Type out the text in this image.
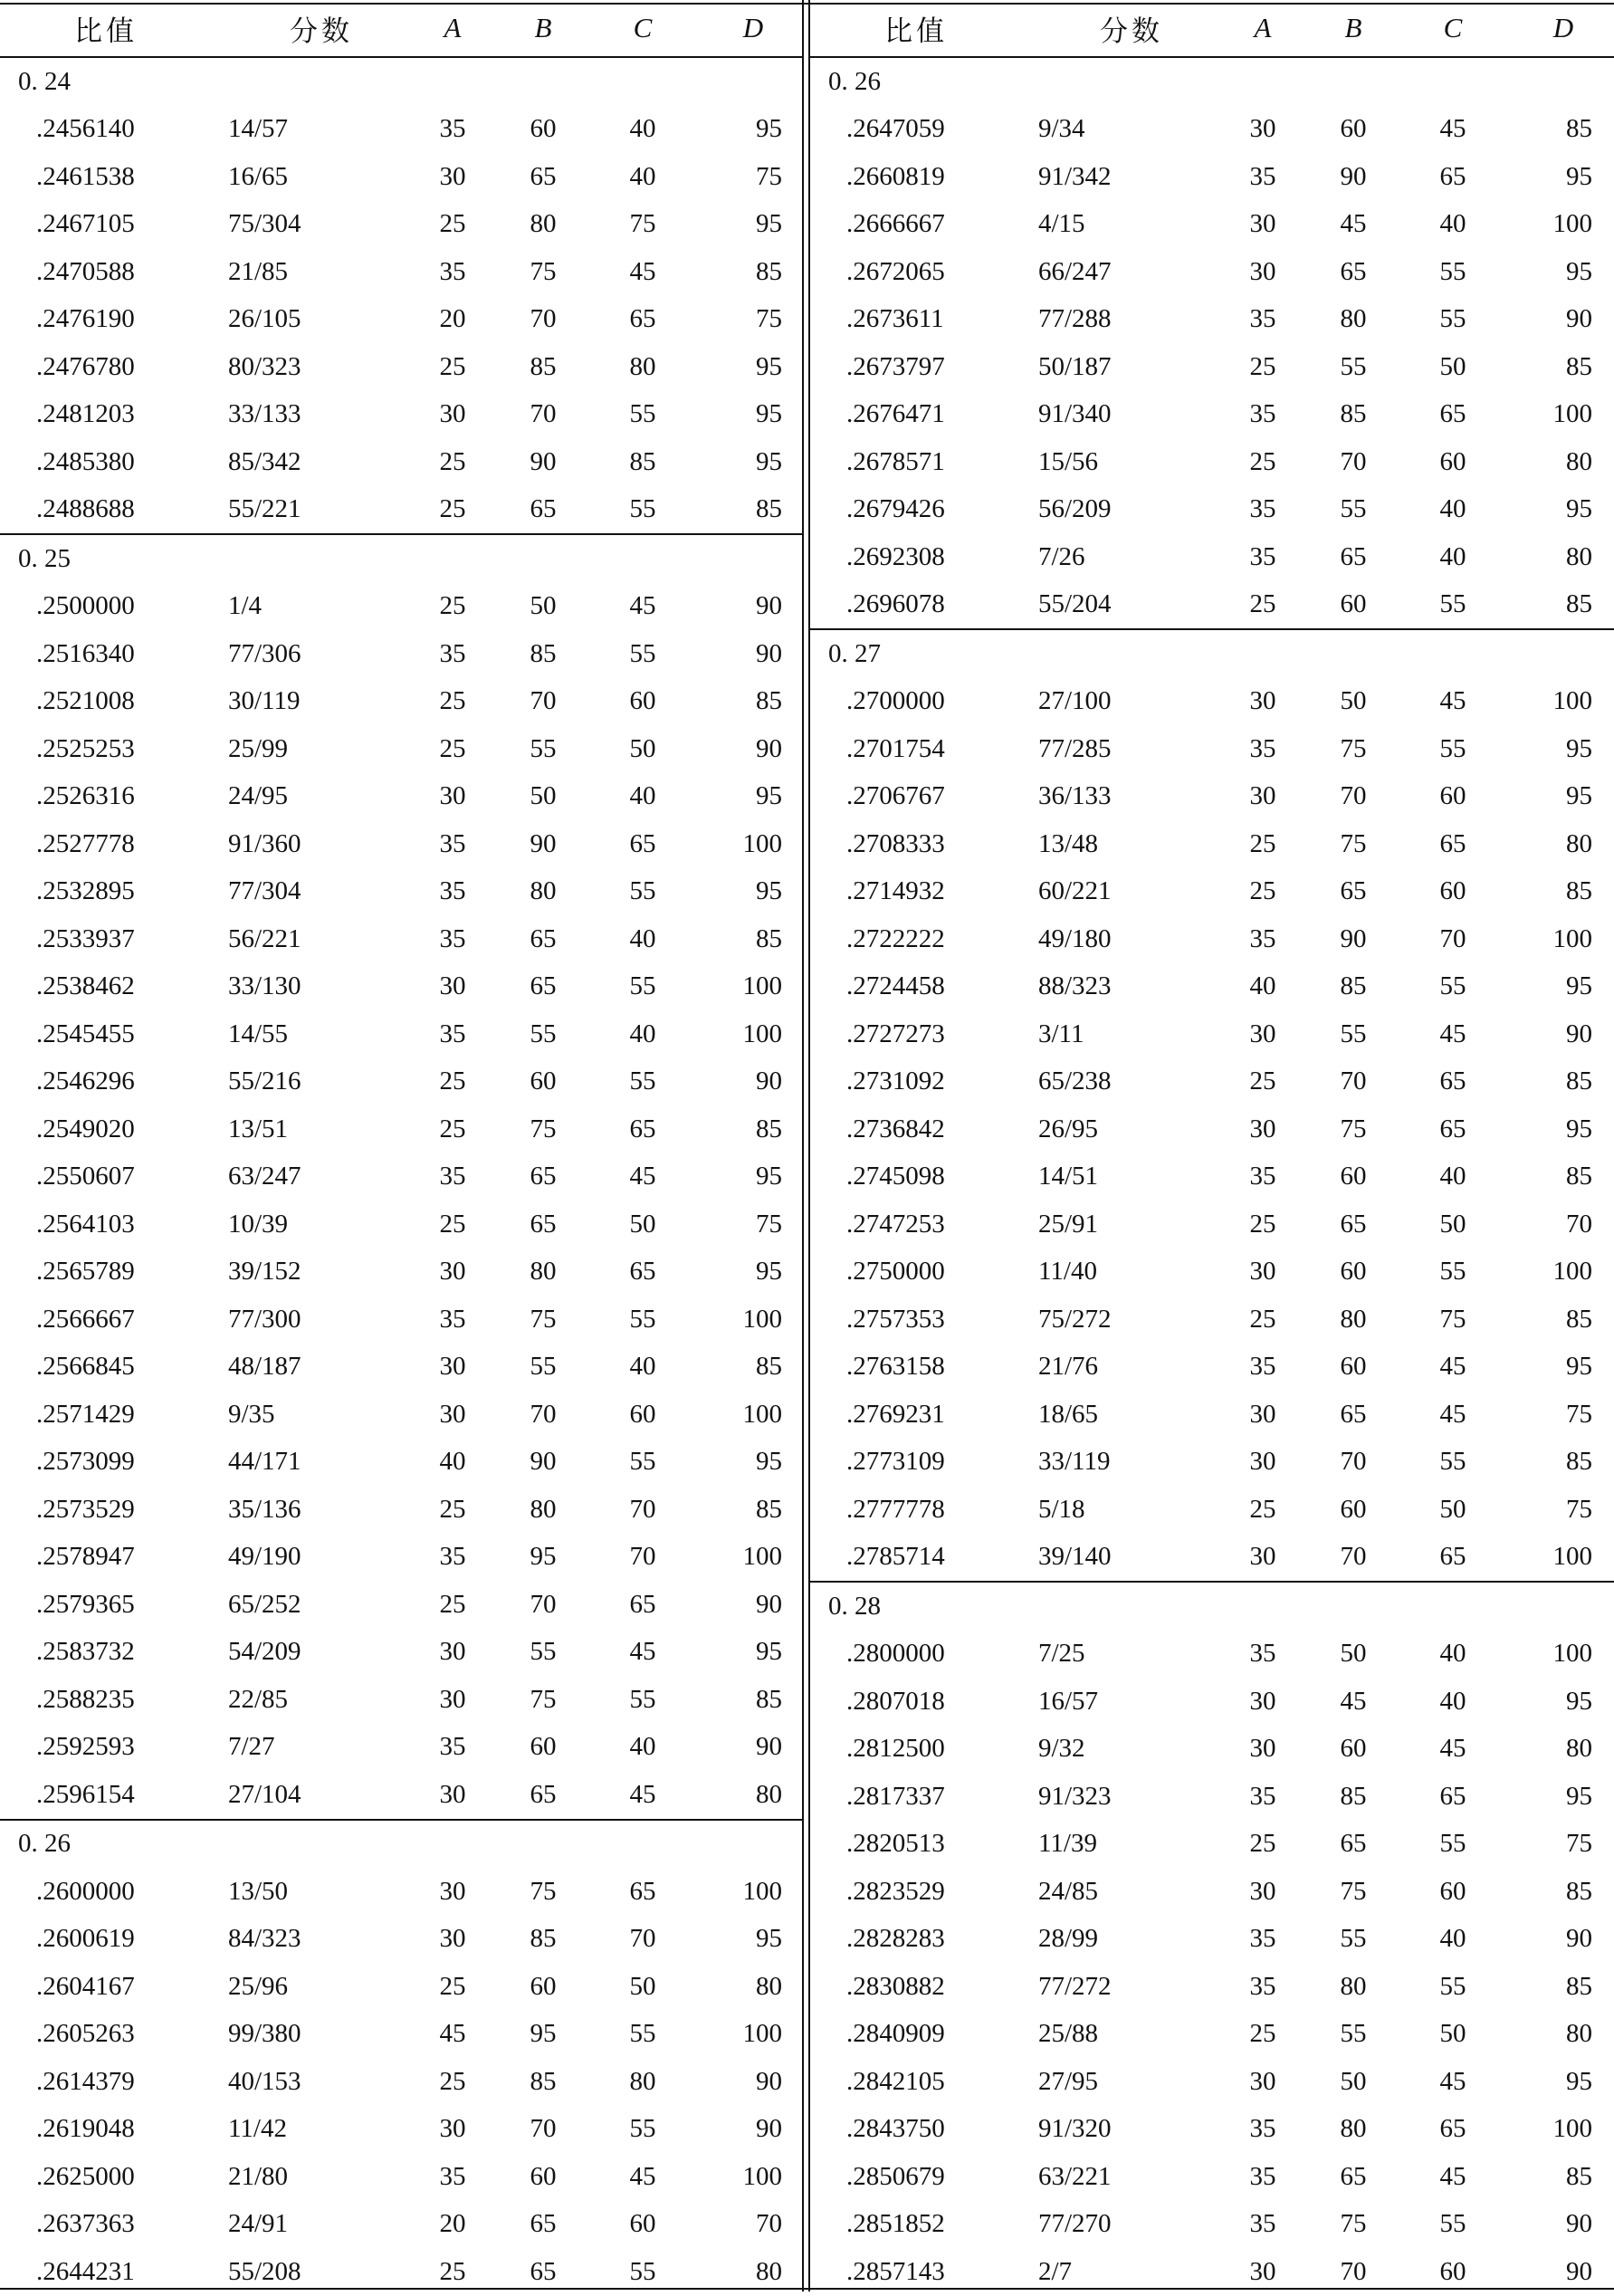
比值	分数	A	B	C	D
0. 24
.2456140	14/57	35	60	40	95
.2461538	16/65	30	65	40	75
.2467105	75/304	25	80	75	95
.2470588	21/85	35	75	45	85
.2476190	26/105	20	70	65	75
.2476780	80/323	25	85	80	95
.2481203	33/133	30	70	55	95
.2485380	85/342	25	90	85	95
.2488688	55/221	25	65	55	85
0. 25
.2500000	1/4	25	50	45	90
.2516340	77/306	35	85	55	90
.2521008	30/119	25	70	60	85
.2525253	25/99	25	55	50	90
.2526316	24/95	30	50	40	95
.2527778	91/360	35	90	65	100
.2532895	77/304	35	80	55	95
.2533937	56/221	35	65	40	85
.2538462	33/130	30	65	55	100
.2545455	14/55	35	55	40	100
.2546296	55/216	25	60	55	90
.2549020	13/51	25	75	65	85
.2550607	63/247	35	65	45	95
.2564103	10/39	25	65	50	75
.2565789	39/152	30	80	65	95
.2566667	77/300	35	75	55	100
.2566845	48/187	30	55	40	85
.2571429	9/35	30	70	60	100
.2573099	44/171	40	90	55	95
.2573529	35/136	25	80	70	85
.2578947	49/190	35	95	70	100
.2579365	65/252	25	70	65	90
.2583732	54/209	30	55	45	95
.2588235	22/85	30	75	55	85
.2592593	7/27	35	60	40	90
.2596154	27/104	30	65	45	80
0. 26
.2600000	13/50	30	75	65	100
.2600619	84/323	30	85	70	95
.2604167	25/96	25	60	50	80
.2605263	99/380	45	95	55	100
.2614379	40/153	25	85	80	90
.2619048	11/42	30	70	55	90
.2625000	21/80	35	60	45	100
.2637363	24/91	20	65	60	70
.2644231	55/208	25	65	55	80
比值	分数	A	B	C	D
0. 26
.2647059	9/34	30	60	45	85
.2660819	91/342	35	90	65	95
.2666667	4/15	30	45	40	100
.2672065	66/247	30	65	55	95
.2673611	77/288	35	80	55	90
.2673797	50/187	25	55	50	85
.2676471	91/340	35	85	65	100
.2678571	15/56	25	70	60	80
.2679426	56/209	35	55	40	95
.2692308	7/26	35	65	40	80
.2696078	55/204	25	60	55	85
0. 27
.2700000	27/100	30	50	45	100
.2701754	77/285	35	75	55	95
.2706767	36/133	30	70	60	95
.2708333	13/48	25	75	65	80
.2714932	60/221	25	65	60	85
.2722222	49/180	35	90	70	100
.2724458	88/323	40	85	55	95
.2727273	3/11	30	55	45	90
.2731092	65/238	25	70	65	85
.2736842	26/95	30	75	65	95
.2745098	14/51	35	60	40	85
.2747253	25/91	25	65	50	70
.2750000	11/40	30	60	55	100
.2757353	75/272	25	80	75	85
.2763158	21/76	35	60	45	95
.2769231	18/65	30	65	45	75
.2773109	33/119	30	70	55	85
.2777778	5/18	25	60	50	75
.2785714	39/140	30	70	65	100
0. 28
.2800000	7/25	35	50	40	100
.2807018	16/57	30	45	40	95
.2812500	9/32	30	60	45	80
.2817337	91/323	35	85	65	95
.2820513	11/39	25	65	55	75
.2823529	24/85	30	75	60	85
.2828283	28/99	35	55	40	90
.2830882	77/272	35	80	55	85
.2840909	25/88	25	55	50	80
.2842105	27/95	30	50	45	95
.2843750	91/320	35	80	65	100
.2850679	63/221	35	65	45	85
.2851852	77/270	35	75	55	90
.2857143	2/7	30	70	60	90
